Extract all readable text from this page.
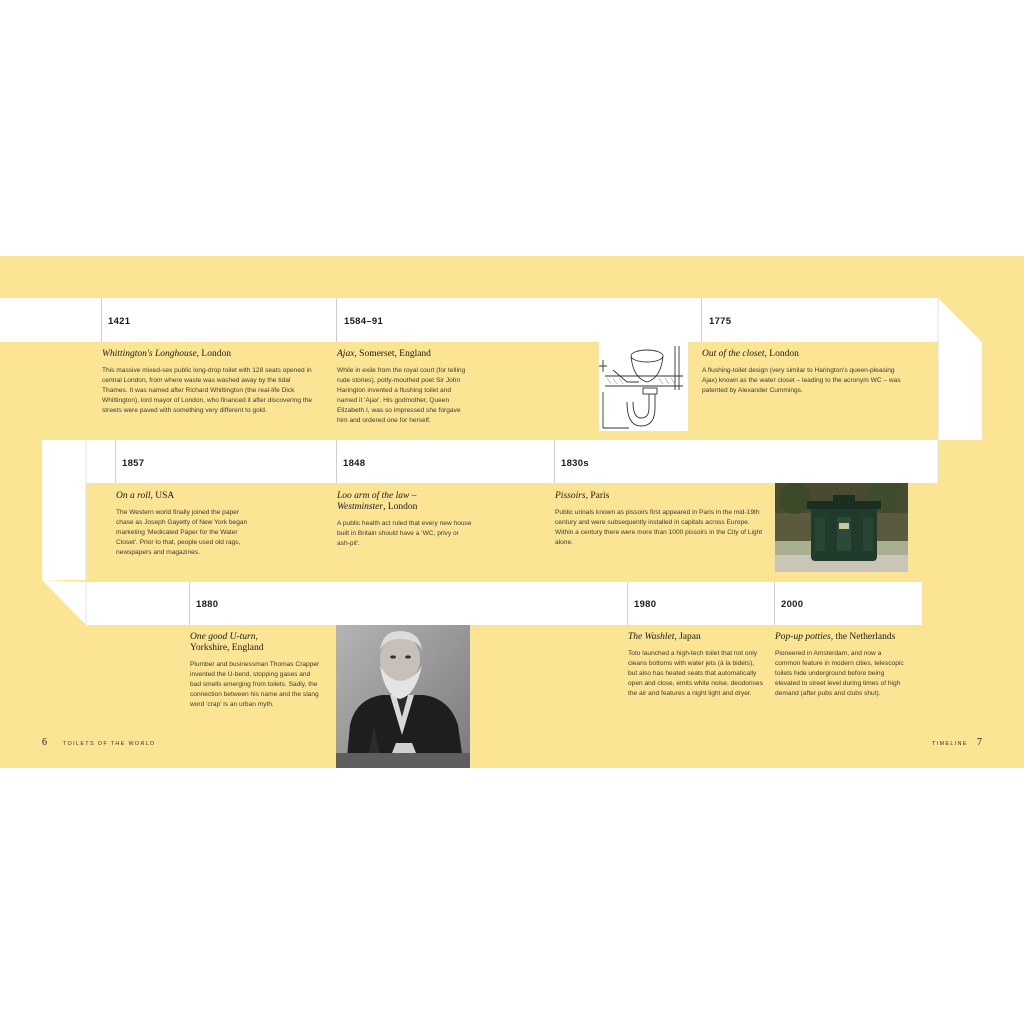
1421	1584–91	1775
1857	1848	1830s
1880	1980	2000
Whittington's Longhouse, London
This massive mixed-sex public long-drop toilet with 128 seats opened in central London, from where waste was washed away by the tidal Thames. It was named after Richard Whittington (the real-life Dick Whittington), lord mayor of London, who financed it after discovering the streets were paved with something very different to gold.
Ajax, Somerset, England
While in exile from the royal court (for telling rude stories), potty-mouthed poet Sir John Harington invented a flushing toilet and named it 'Ajax'. His godmother, Queen Elizabeth I, was so impressed she forgave him and ordered one for herself.
Out of the closet, London
A flushing-toilet design (very similar to Harington's queen-pleasing Ajax) known as the water closet – leading to the acronym WC – was patented by Alexander Cummings.
On a roll, USA
The Western world finally joined the paper chase as Joseph Gayetty of New York began marketing 'Medicated Paper for the Water Closet'. Prior to that, people used old rags, newspapers and magazines.
Loo arm of the law –
Westminster, London
A public health act ruled that every new house built in Britain should have a 'WC, privy or ash-pit'.
Pissoirs, Paris
Public urinals known as pissoirs first appeared in Paris in the mid-19th century and were subsequently installed in capitals across Europe. Within a century there were more than 1000 pissoirs in the City of Light alone.
One good U-turn,
Yorkshire, England
Plumber and businessman Thomas Crapper invented the U-bend, stopping gases and bad smells emerging from toilets. Sadly, the connection between his name and the slang word 'crap' is an urban myth.
The Washlet, Japan
Toto launched a high-tech toilet that not only cleans bottoms with water jets (à la bidets), but also has heated seats that automatically open and close, emits white noise, deodorises the air and features a night light and dryer.
Pop-up potties, the Netherlands
Pioneered in Amsterdam, and now a common feature in modern cities, telescopic toilets hide underground before being elevated to street level during times of high demand (after pubs and clubs shut).
6	TOILETS OF THE WORLD	TIMELINE 7
